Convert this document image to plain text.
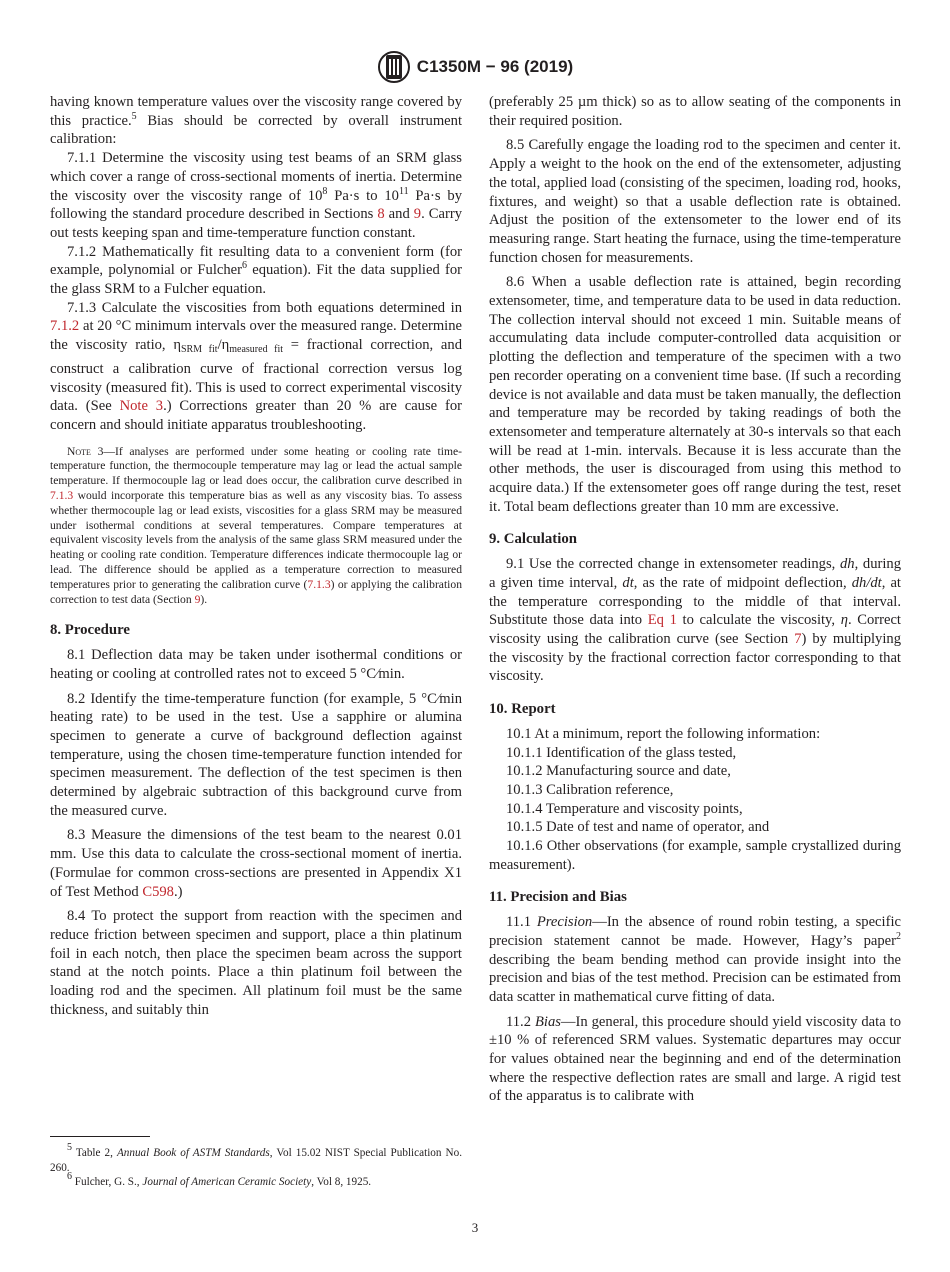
C1350M − 96 (2019)

having known temperature values over the viscosity range covered by this practice.$^5$ Bias should be corrected by overall instrument calibration:

7.1.1 Determine the viscosity using test beams of an SRM glass which cover a range of cross-sectional moments of inertia. Determine the viscosity over the viscosity range of $10^8$ Pa·s to $10^{11}$ Pa·s by following the standard procedure described in Sections 8 and 9. Carry out tests keeping span and time-temperature function constant.

7.1.2 Mathematically fit resulting data to a convenient form (for example, polynomial or Fulcher$^6$ equation). Fit the data supplied for the glass SRM to a Fulcher equation.

7.1.3 Calculate the viscosities from both equations determined in 7.1.2 at 20 °C minimum intervals over the measured range. Determine the viscosity ratio, $\eta_{SRM fit}/\eta_{measured fit}$ = fractional correction, and construct a calibration curve of fractional correction versus log viscosity (measured fit). This is used to correct experimental viscosity data. (See Note 3.) Corrections greater than 20 % are cause for concern and should initiate apparatus troubleshooting.

Note 3—If analyses are performed under some heating or cooling rate time-temperature function, the thermocouple temperature may lag or lead the actual sample temperature. If thermocouple lag or lead does occur, the calibration curve described in 7.1.3 would incorporate this temperature bias as well as any viscosity bias. To assess whether thermocouple lag or lead exists, viscosities for a glass SRM may be measured under isothermal conditions at several temperatures. Compare temperatures at equivalent viscosity levels from the analysis of the same glass SRM measured under the heating or cooling rate condition. Temperature differences indicate thermocouple lag or lead. The difference should be applied as a temperature correction to measured temperatures prior to generating the calibration curve (7.1.3) or applying the calibration correction to test data (Section 9).

8. Procedure

8.1 Deflection data may be taken under isothermal conditions or heating or cooling at controlled rates not to exceed 5 °C⁄min.

8.2 Identify the time-temperature function (for example, 5 °C⁄min heating rate) to be used in the test. Use a sapphire or alumina specimen to generate a curve of background deflection against temperature, using the chosen time-temperature function intended for specimen measurement. The deflection of the test specimen is then determined by algebraic subtraction of this background curve from the measured curve.

8.3 Measure the dimensions of the test beam to the nearest 0.01 mm. Use this data to calculate the cross-sectional moment of inertia. (Formulae for common cross-sections are presented in Appendix X1 of Test Method C598.)

8.4 To protect the support from reaction with the specimen and reduce friction between specimen and support, place a thin platinum foil in each notch, then place the specimen beam across the support stand at the notch points. Place a thin platinum foil between the loading rod and the specimen. All platinum foil must be the same thickness, and suitably thin

(preferably 25 µm thick) so as to allow seating of the components in their required position.

8.5 Carefully engage the loading rod to the specimen and center it. Apply a weight to the hook on the end of the extensometer, adjusting the total, applied load (consisting of the specimen, loading rod, hooks, fixtures, and weight) so that a usable deflection rate is obtained. Adjust the position of the extensometer to the lower end of its measuring range. Start heating the furnace, using the time-temperature function chosen for measurements.

8.6 When a usable deflection rate is attained, begin recording extensometer, time, and temperature data to be used in data reduction. The collection interval should not exceed 1 min. Suitable means of accumulating data include computer-controlled data acquisition or plotting the deflection and temperature of the specimen with a two pen recorder operating on a convenient time base. (If such a recording device is not available and data must be taken manually, the deflection and temperature may be recorded by taking readings of both the extensometer and temperature alternately at 30-s intervals so that each will be read at 1-min. intervals. Because it is less accurate than the other methods, the user is discouraged from using this method to acquire data.) If the extensometer goes off range during the test, reset it. Total beam deflections greater than 10 mm are excessive.

9. Calculation

9.1 Use the corrected change in extensometer readings, dh, during a given time interval, dt, as the rate of midpoint deflection, dh/dt, at the temperature corresponding to the middle of that interval. Substitute those data into Eq 1 to calculate the viscosity, η. Correct viscosity using the calibration curve (see Section 7) by multiplying the viscosity by the fractional correction factor corresponding to that viscosity.

10. Report

10.1 At a minimum, report the following information:

10.1.1 Identification of the glass tested,

10.1.2 Manufacturing source and date,

10.1.3 Calibration reference,

10.1.4 Temperature and viscosity points,

10.1.5 Date of test and name of operator, and

10.1.6 Other observations (for example, sample crystallized during measurement).

11. Precision and Bias

11.1 Precision—In the absence of round robin testing, a specific precision statement cannot be made. However, Hagy’s paper$^2$ describing the beam bending method can provide insight into the precision and bias of the test method. Precision can be estimated from data scatter in mathematical curve fitting of data.

11.2 Bias—In general, this procedure should yield viscosity data to ±10 % of referenced SRM values. Systematic departures may occur for values obtained near the beginning and end of the determination where the respective deflection rates are small and large. A rigid test of the apparatus is to calibrate with

5 Table 2, Annual Book of ASTM Standards, Vol 15.02 NIST Special Publication No. 260.

6 Fulcher, G. S., Journal of American Ceramic Society, Vol 8, 1925.

3
